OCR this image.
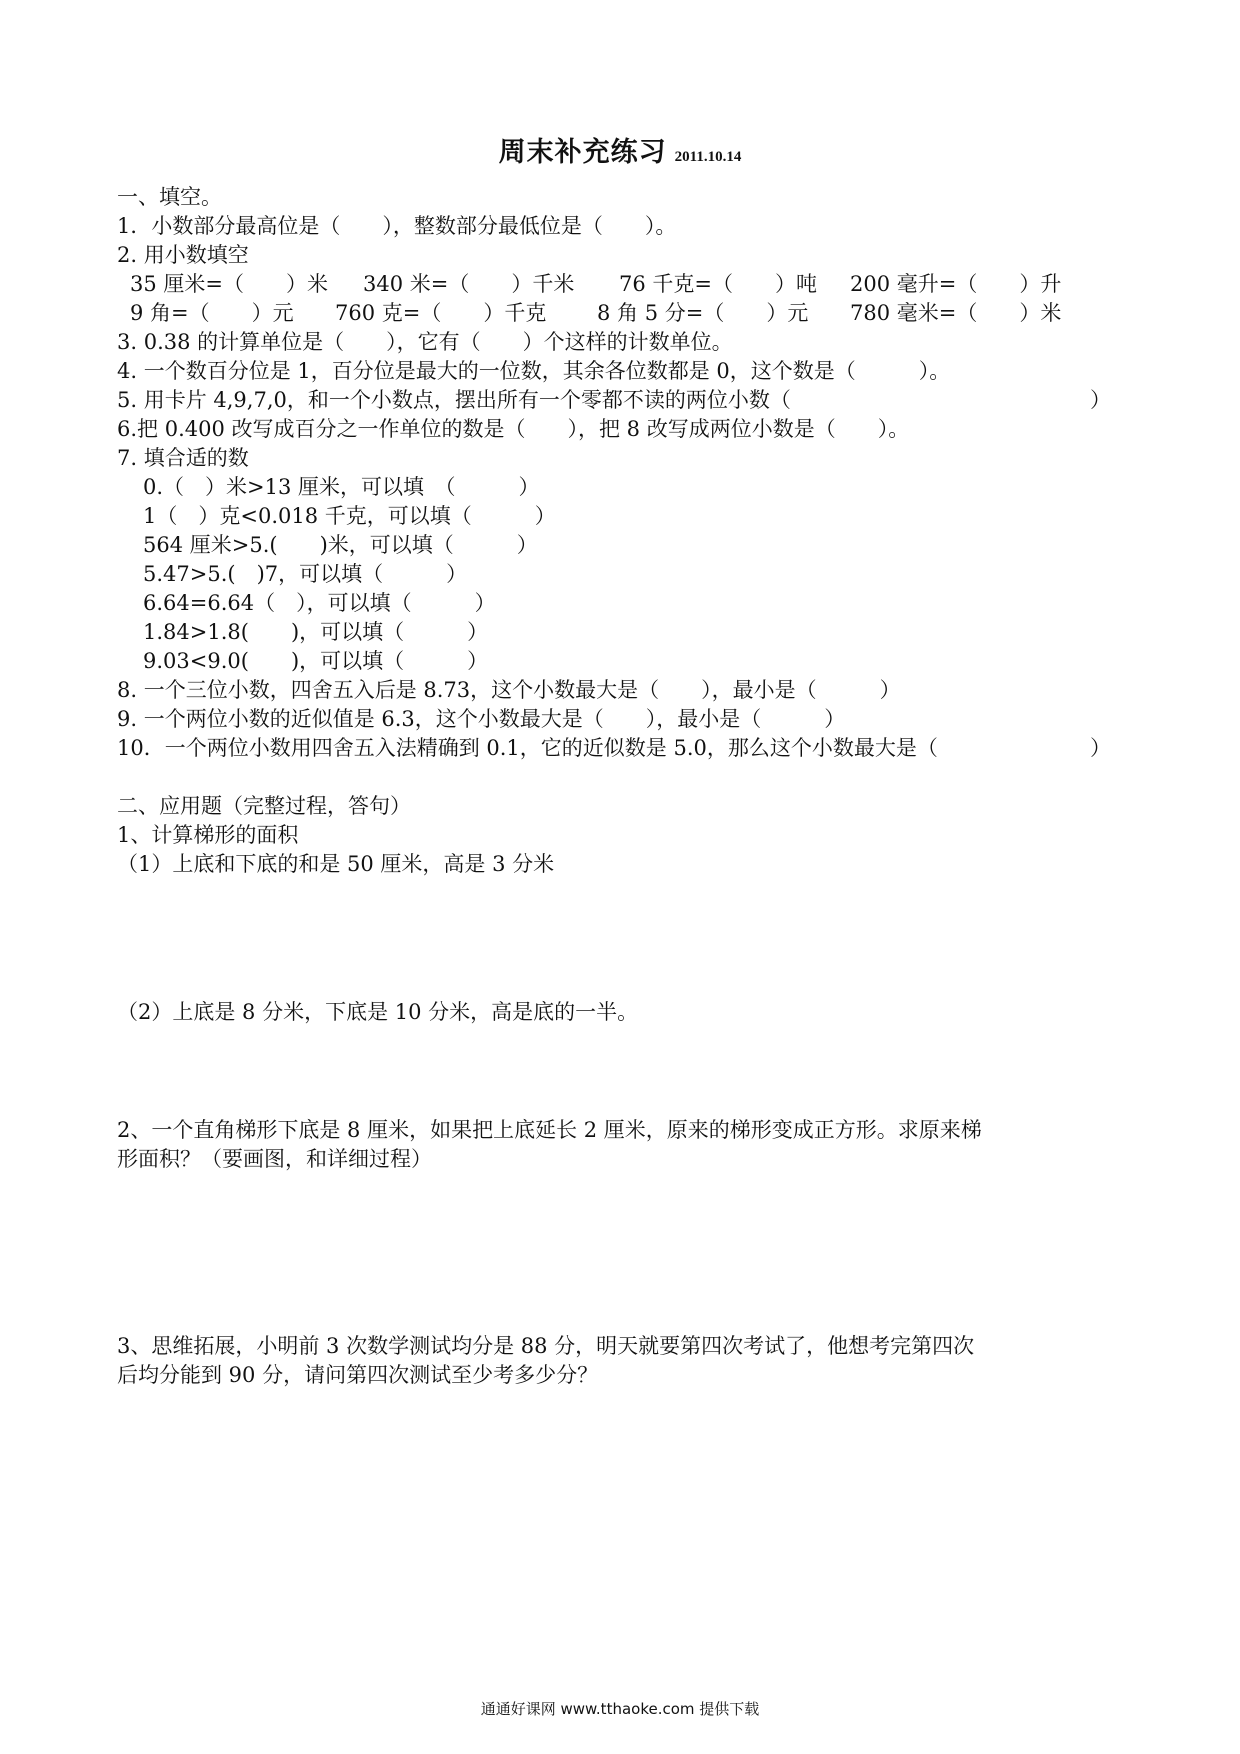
周末补充练习 2011.10.14
一、填空。
1．小数部分最高位是（　　），整数部分最低位是（　　）。
2. 用小数填空
35 厘米=（　　）米 340 米=（　　）千米 76 千克=（　　）吨 200 毫升=（　　）升
9 角=（　　）元 760 克=（　　）千克 8 角 5 分=（　　）元 780 毫米=（　　）米
3. 0.38 的计算单位是（　　），它有（　　）个这样的计数单位。
4. 一个数百分位是 1，百分位是最大的一位数，其余各位数都是 0，这个数是（　　　）。
5. 用卡片 4,9,7,0，和一个小数点，摆出所有一个零都不读的两位小数（	）
6.把 0.400 改写成百分之一作单位的数是（　　），把 8 改写成两位小数是（　　）。
7. 填合适的数
0.（　）米>13 厘米，可以填　（　　　）
1（　）克<0.018 千克，可以填（　　　）
564 厘米>5.(　　)米，可以填（　　　）
5.47>5.(　)7，可以填（　　　）
6.64=6.64（　），可以填（　　　）
1.84>1.8(　　)，可以填（　　　）
9.03<9.0(　　)，可以填（　　　）
8. 一个三位小数，四舍五入后是 8.73，这个小数最大是（　　），最小是（　　　）
9. 一个两位小数的近似值是 6.3，这个小数最大是（　　），最小是（　　　）
10．一个两位小数用四舍五入法精确到 0.1，它的近似数是 5.0，那么这个小数最大是（	）
二、应用题（完整过程，答句）
1、计算梯形的面积
（1）上底和下底的和是 50 厘米，高是 3 分米
（2）上底是 8 分米，下底是 10 分米，高是底的一半。
2、一个直角梯形下底是 8 厘米，如果把上底延长 2 厘米，原来的梯形变成正方形。求原来梯
形面积？（要画图，和详细过程）
3、思维拓展，小明前 3 次数学测试均分是 88 分，明天就要第四次考试了，他想考完第四次
后均分能到 90 分，请问第四次测试至少考多少分？
通通好课网 www.tthaoke.com 提供下载
